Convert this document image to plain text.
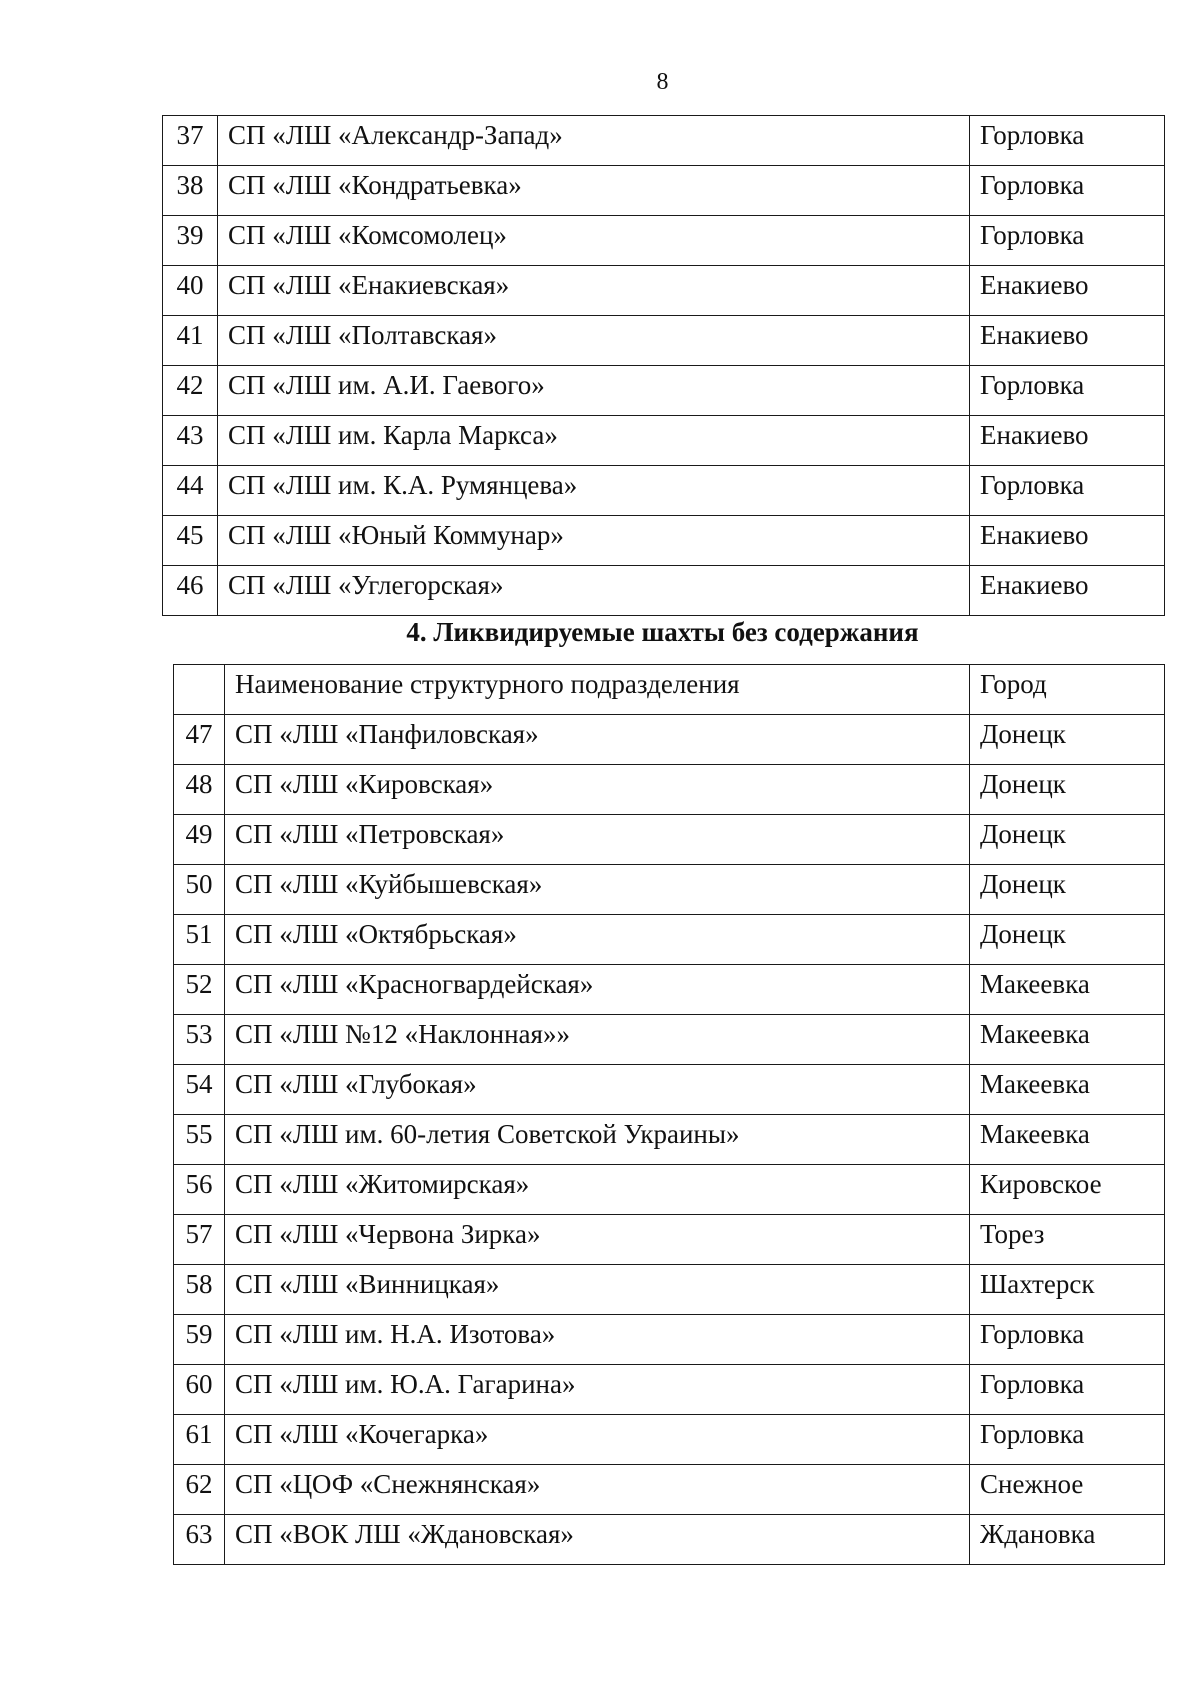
8
37	СП «ЛШ «Александр-Запад»	Горловка
38	СП «ЛШ «Кондратьевка»	Горловка
39	СП «ЛШ «Комсомолец»	Горловка
40	СП «ЛШ «Енакиевская»	Енакиево
41	СП «ЛШ «Полтавская»	Енакиево
42	СП «ЛШ им. А.И. Гаевого»	Горловка
43	СП «ЛШ им. Карла Маркса»	Енакиево
44	СП «ЛШ им. К.А. Румянцева»	Горловка
45	СП «ЛШ «Юный Коммунар»	Енакиево
46	СП «ЛШ «Углегорская»	Енакиево
4. Ликвидируемые шахты без содержания
	Наименование структурного подразделения	Город
47	СП «ЛШ «Панфиловская»	Донецк
48	СП «ЛШ «Кировская»	Донецк
49	СП «ЛШ «Петровская»	Донецк
50	СП «ЛШ «Куйбышевская»	Донецк
51	СП «ЛШ «Октябрьская»	Донецк
52	СП «ЛШ «Красногвардейская»	Макеевка
53	СП «ЛШ №12 «Наклонная»»	Макеевка
54	СП «ЛШ «Глубокая»	Макеевка
55	СП «ЛШ им. 60-летия Советской Украины»	Макеевка
56	СП «ЛШ «Житомирская»	Кировское
57	СП «ЛШ «Червона Зирка»	Торез
58	СП «ЛШ «Винницкая»	Шахтерск
59	СП «ЛШ им. Н.А. Изотова»	Горловка
60	СП «ЛШ им. Ю.А. Гагарина»	Горловка
61	СП «ЛШ «Кочегарка»	Горловка
62	СП «ЦОФ «Снежнянская»	Снежное
63	СП «ВОК ЛШ «Ждановская»	Ждановка
